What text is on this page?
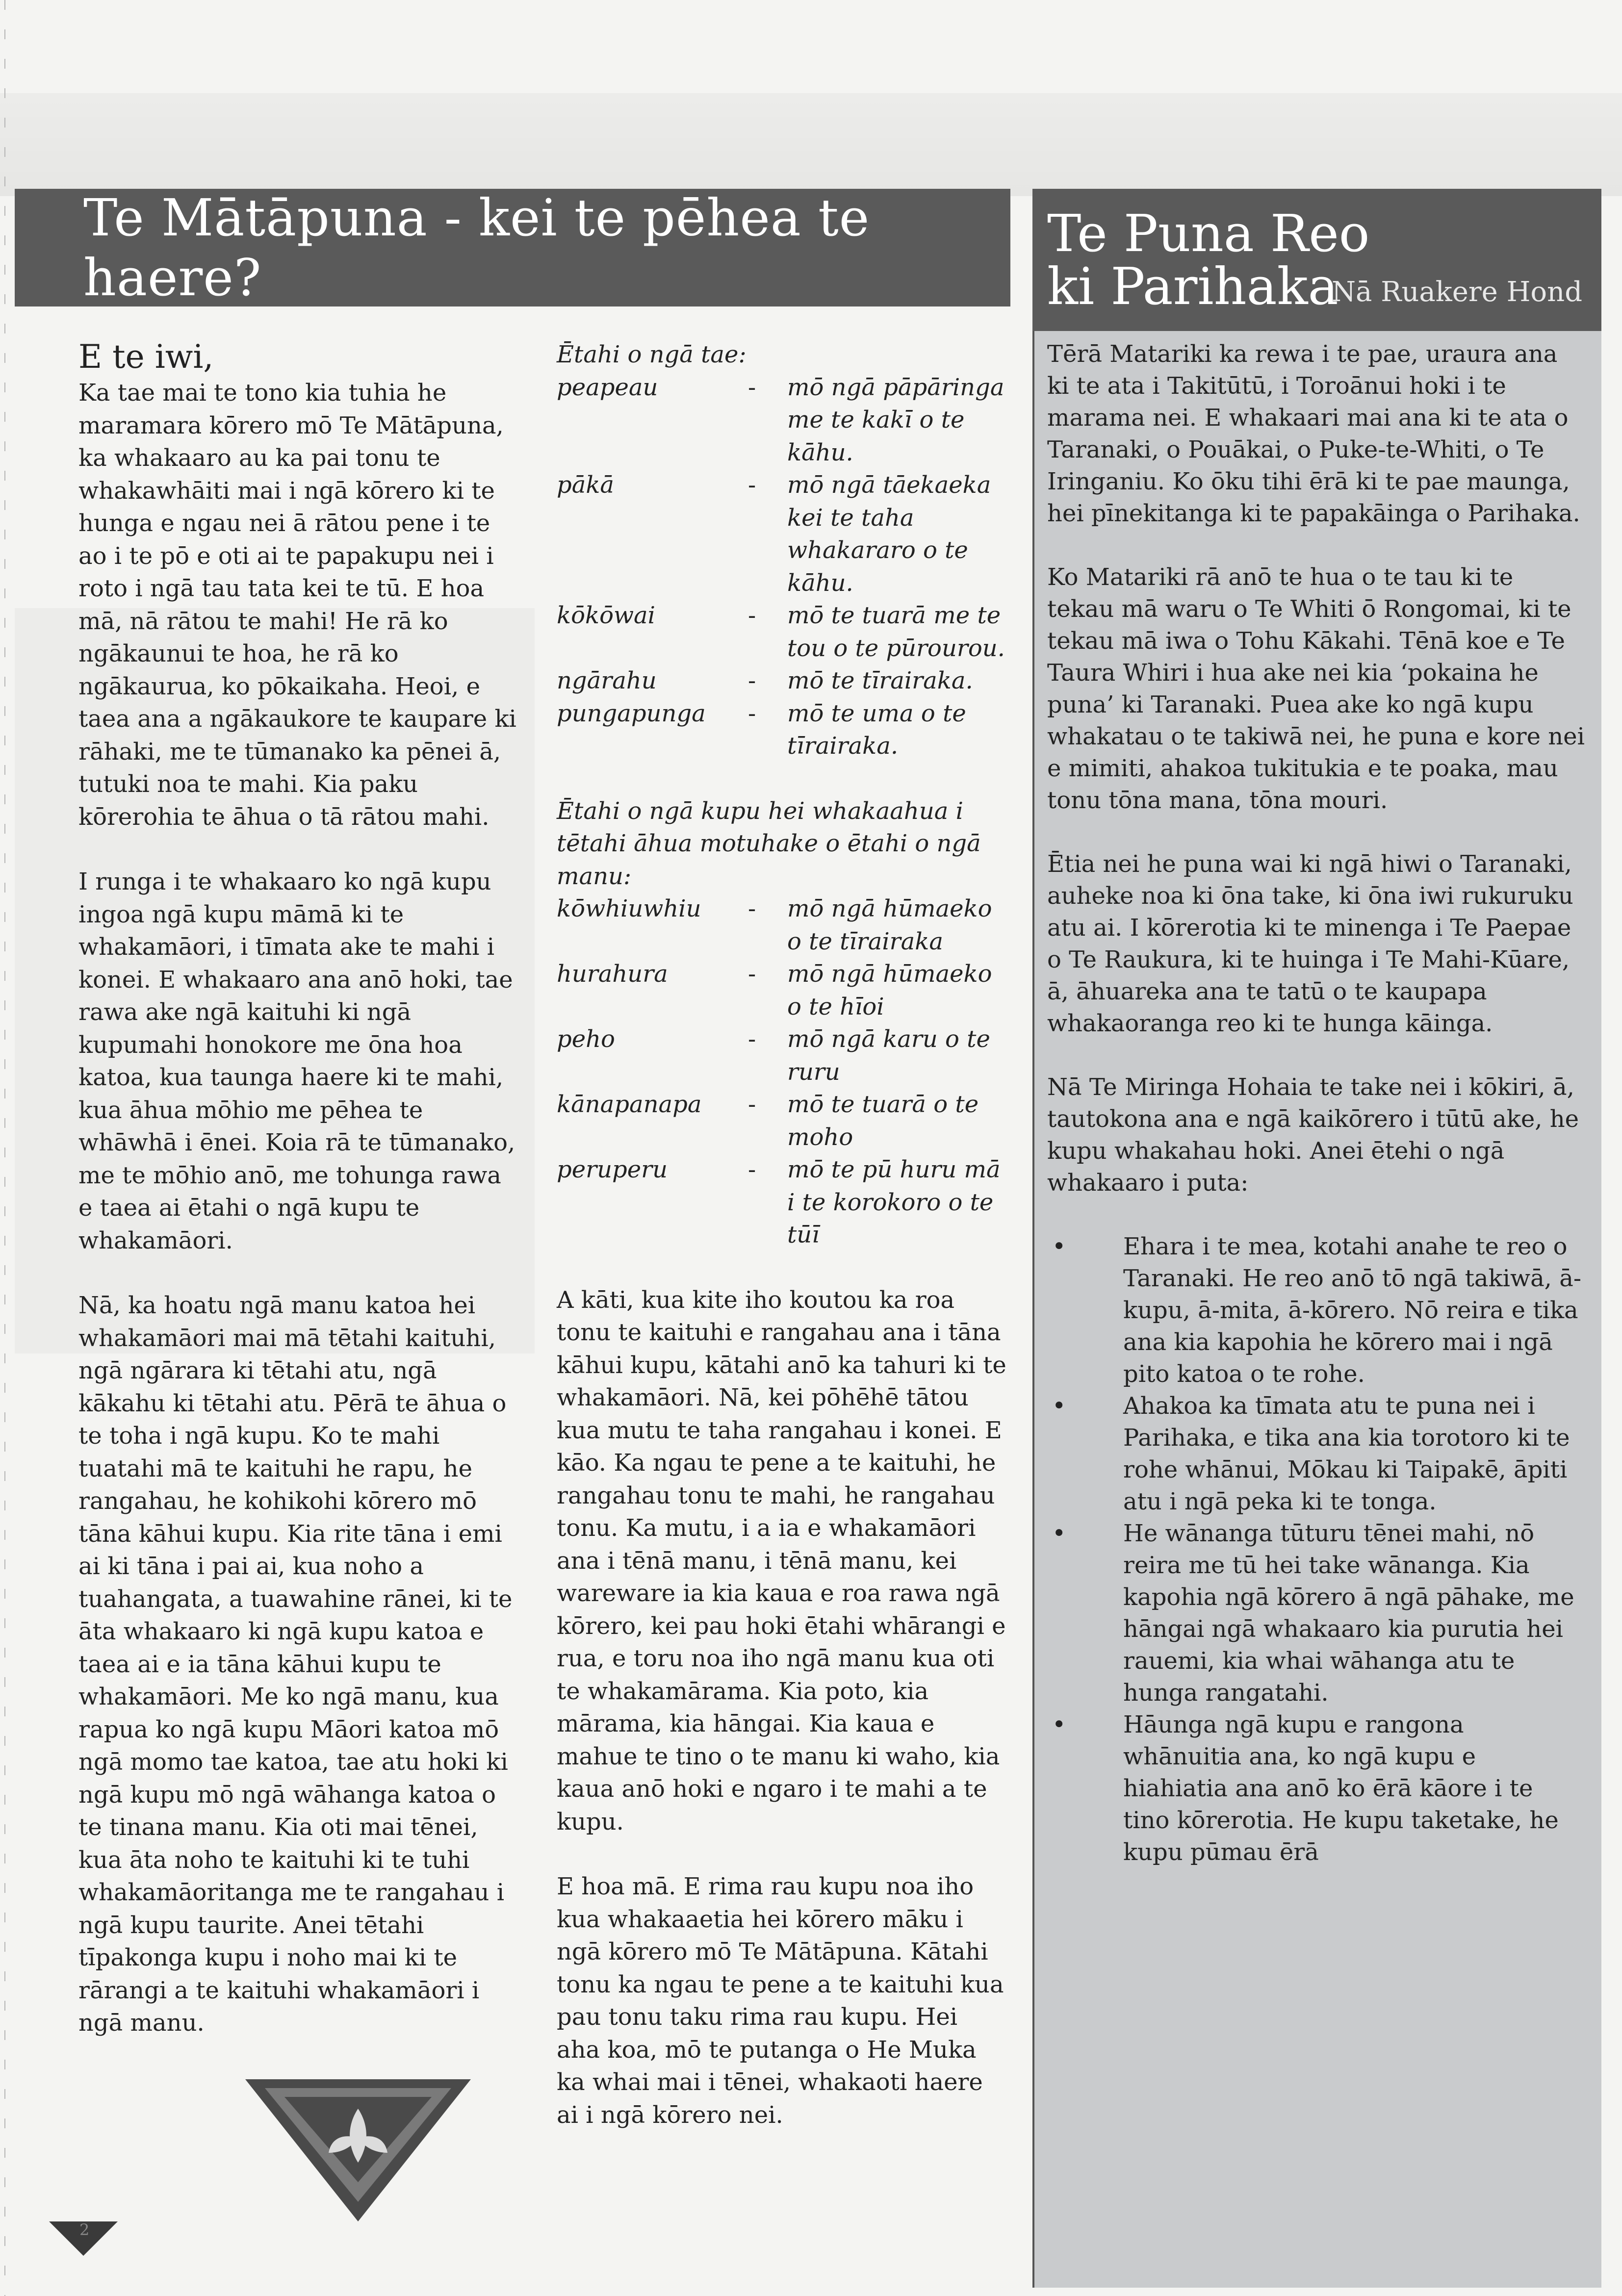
Te Mātāpuna - kei te pēhea te haere?
Te Puna Reo
ki Parihaka
Nā Ruakere Hond

Tērā Matariki ka rewa i te pae, uraura ana ki te ata i Takitūtū, i Toroānui hoki i te marama nei. E whakaari mai ana ki te ata o Taranaki, o Pouākai, o Puke-te-Whiti, o Te Iringaniu. Ko ōku tihi ērā ki te pae maunga, hei pīnekitanga ki te papakāinga o Parihaka.

Ko Matariki rā anō te hua o te tau ki te tekau mā waru o Te Whiti ō Rongomai, ki te tekau mā iwa o Tohu Kākahi. Tēnā koe e Te Taura Whiri i hua ake nei kia ‘pokaina he puna’ ki Taranaki. Puea ake ko ngā kupu whakatau o te takiwā nei, he puna e kore nei e mimiti, ahakoa tukitukia e te poaka, mau tonu tōna mana, tōna mouri.

Ētia nei he puna wai ki ngā hiwi o Taranaki, auheke noa ki ōna take, ki ōna iwi rukuruku atu ai. I kōrerotia ki te minenga i Te Paepae o Te Raukura, ki te huinga i Te Mahi-Kūare, ā, āhuareka ana te tatū o te kaupapa whakaoranga reo ki te hunga kāinga.

Nā Te Miringa Hohaia te take nei i kōkiri, ā, tautokona ana e ngā kaikōrero i tūtū ake, he kupu whakahau hoki. Anei ētehi o ngā whakaaro i puta:

• Ehara i te mea, kotahi anahe te reo o Taranaki. He reo anō tō ngā takiwā, ā-kupu, ā-mita, ā-kōrero. Nō reira e tika ana kia kapohia he kōrero mai i ngā pito katoa o te rohe.
• Ahakoa ka tīmata atu te puna nei i Parihaka, e tika ana kia torotoro ki te rohe whānui, Mōkau ki Taipakē, āpiti atu i ngā peka ki te tonga.
• He wānanga tūturu tēnei mahi, nō reira me tū hei take wānanga. Kia kapohia ngā kōrero ā ngā pāhake, me hāngai ngā whakaaro kia purutia hei rauemi, kia whai wāhanga atu te hunga rangatahi.
• Hāunga ngā kupu e rangona whānuitia ana, ko ngā kupu e hiahiatia ana anō ko ērā kāore i te tino kōrerotia. He kupu taketake, he kupu pūmau ērā
E te iwi,

Ka tae mai te tono kia tuhia he maramara kōrero mō Te Mātāpuna, ka whakaaro au ka pai tonu te whakawhāiti mai i ngā kōrero ki te hunga e ngau nei ā rātou pene i te ao i te pō e oti ai te papakupu nei i roto i ngā tau tata kei te tū. E hoa mā, nā rātou te mahi! He rā ko ngākaunui te hoa, he rā ko ngākaurua, ko pōkaikaha. Heoi, e taea ana a ngākaukore te kaupare ki rāhaki, me te tūmanako ka pēnei ā, tutuki noa te mahi. Kia paku kōrerohia te āhua o tā rātou mahi.

I runga i te whakaaro ko ngā kupu ingoa ngā kupu māmā ki te whakamāori, i tīmata ake te mahi i konei. E whakaaro ana anō hoki, tae rawa ake ngā kaituhi ki ngā kupumahi honokore me ōna hoa katoa, kua taunga haere ki te mahi, kua āhua mōhio me pēhea te whāwhā i ēnei. Koia rā te tūmanako, me te mōhio anō, me tohunga rawa e taea ai ētahi o ngā kupu te whakamāori.

Nā, ka hoatu ngā manu katoa hei whakamāori mai mā tētahi kaituhi, ngā ngārara ki tētahi atu, ngā kākahu ki tētahi atu. Pērā te āhua o te toha i ngā kupu. Ko te mahi tuatahi mā te kaituhi he rapu, he rangahau, he kohikohi kōrero mō tāna kāhui kupu. Kia rite tāna i emi ai ki tāna i pai ai, kua noho a tuahangata, a tuawahine rānei, ki te āta whakaaro ki ngā kupu katoa e taea ai e ia tāna kāhui kupu te whakamāori. Me ko ngā manu, kua rapua ko ngā kupu Māori katoa mō ngā momo tae katoa, tae atu hoki ki ngā kupu mō ngā wāhanga katoa o te tinana manu. Kia oti mai tēnei, kua āta noho te kaituhi ki te tuhi whakamāoritanga me te rangahau i ngā kupu taurite. Anei tētahi tīpakonga kupu i noho mai ki te rārangi a te kaituhi whakamāori i ngā manu.

Ētahi o ngā tae:
peapeau	-	mō ngā pāpāringa me te kakī o te kāhu.
pākā	-	mō ngā tāekaeka kei te taha whakararo o te kāhu.
kōkōwai	-	mō te tuarā me te tou o te pūrourou.
ngārahu	-	mō te tīrairaka.
pungapunga	-	mō te uma o te tīrairaka.
Ētahi o ngā kupu hei whakaahua i tētahi āhua motuhake o ētahi o ngā manu:
kōwhiuwhiu	-	mō ngā hūmaeko o te tīrairaka
hurahura	-	mō ngā hūmaeko o te hīoi
peho	-	mō ngā karu o te ruru
kānapanapa	-	mō te tuarā o te moho
peruperu	-	mō te pū huru mā i te korokoro o te tūī

A kāti, kua kite iho koutou ka roa tonu te kaituhi e rangahau ana i tāna kāhui kupu, kātahi anō ka tahuri ki te whakamāori. Nā, kei pōhēhē tātou kua mutu te taha rangahau i konei. E kāo. Ka ngau te pene a te kaituhi, he rangahau tonu te mahi, he rangahau tonu. Ka mutu, i a ia e whakamāori ana i tēnā manu, i tēnā manu, kei wareware ia kia kaua e roa rawa ngā kōrero, kei pau hoki ētahi whārangi e rua, e toru noa iho ngā manu kua oti te whakamārama. Kia poto, kia mārama, kia hāngai. Kia kaua e mahue te tino o te manu ki waho, kia kaua anō hoki e ngaro i te mahi a te kupu.

E hoa mā. E rima rau kupu noa iho kua whakaaetia hei kōrero māku i ngā kōrero mō Te Mātāpuna. Kātahi tonu ka ngau te pene a te kaituhi kua pau tonu taku rima rau kupu. Hei aha koa, mō te putanga o He Muka ka whai mai i tēnei, whakaoti haere ai i ngā kōrero nei.

2
